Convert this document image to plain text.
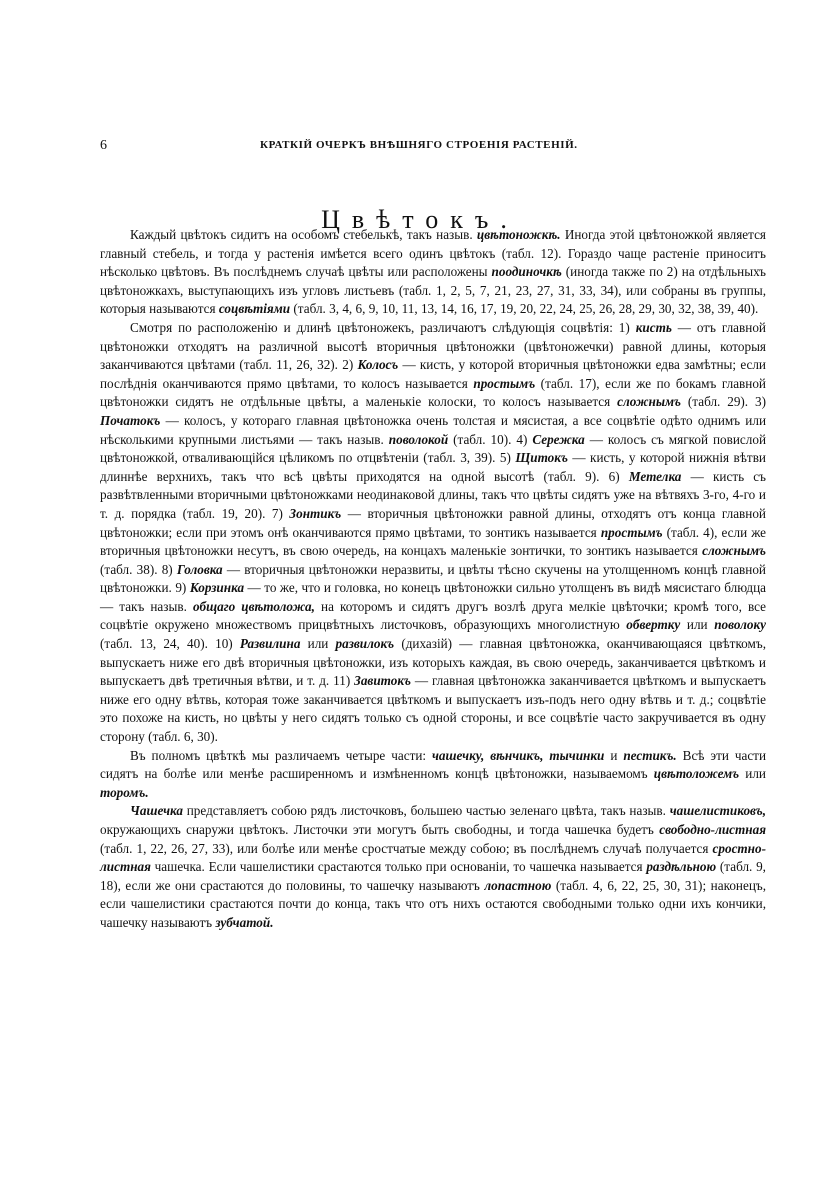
6	КРАТКІЙ ОЧЕРКЪ ВНѢШНЯГО СТРОЕНІЯ РАСТЕНІЙ.
Цвѣтокъ.

Каждый цвѣтокъ сидитъ на особомъ стебелькѣ, такъ назыв. цвѣтоножкѣ. Иногда этой цвѣтоножкой является главный стебель, и тогда у растенія имѣется всего одинъ цвѣтокъ (табл. 12). Гораздо чаще растеніе приноситъ нѣсколько цвѣтовъ. Въ послѣднемъ случаѣ цвѣты или расположены поодиночкѣ (иногда также по 2) на отдѣльныхъ цвѣтоножкахъ, выступающихъ изъ угловъ листьевъ (табл. 1, 2, 5, 7, 21, 23, 27, 31, 33, 34), или собраны въ группы, которыя называются соцвѣтіями (табл. 3, 4, 6, 9, 10, 11, 13, 14, 16, 17, 19, 20, 22, 24, 25, 26, 28, 29, 30, 32, 38, 39, 40).

Смотря по расположенію и длинѣ цвѣтоножекъ, различаютъ слѣдующія соцвѣтія: 1) кисть — отъ главной цвѣтоножки отходятъ на различной высотѣ вторичныя цвѣтоножки (цвѣтоножечки) равной длины, которыя заканчиваются цвѣтами (табл. 11, 26, 32). 2) Колосъ — кисть, у которой вторичныя цвѣтоножки едва замѣтны; если послѣднія оканчиваются прямо цвѣтами, то колосъ называется простымъ (табл. 17), если же по бокамъ главной цвѣтоножки сидятъ не отдѣльные цвѣты, а маленькіе колоски, то колосъ называется сложнымъ (табл. 29). 3) Початокъ — колосъ, у котораго главная цвѣтоножка очень толстая и мясистая, а все соцвѣтіе одѣто однимъ или нѣсколькими крупными листьями — такъ назыв. поволокой (табл. 10). 4) Сережка — колосъ съ мягкой повислой цвѣтоножкой, отваливающійся цѣликомъ по отцвѣтеніи (табл. 3, 39). 5) Щитокъ — кисть, у которой нижнія вѣтви длиннѣе верхнихъ, такъ что всѣ цвѣты приходятся на одной высотѣ (табл. 9). 6) Метелка — кисть съ развѣтвленными вторичными цвѣтоножками неодинаковой длины, такъ что цвѣты сидятъ уже на вѣтвяхъ 3-го, 4-го и т. д. порядка (табл. 19, 20). 7) Зонтикъ — вторичныя цвѣтоножки равной длины, отходятъ отъ конца главной цвѣтоножки; если при этомъ онѣ оканчиваются прямо цвѣтами, то зонтикъ называется простымъ (табл. 4), если же вторичныя цвѣтоножки несутъ, въ свою очередь, на концахъ маленькіе зонтички, то зонтикъ называется сложнымъ (табл. 38). 8) Головка — вторичныя цвѣтоножки неразвиты, и цвѣты тѣсно скучены на утолщенномъ концѣ главной цвѣтоножки. 9) Корзинка — то же, что и головка, но конецъ цвѣтоножки сильно утолщенъ въ видѣ мясистаго блюдца — такъ назыв. общаго цвѣтоложа, на которомъ и сидятъ другъ возлѣ друга мелкіе цвѣточки; кромѣ того, все соцвѣтіе окружено множествомъ прицвѣтныхъ листочковъ, образующихъ многолистную обвертку или поволоку (табл. 13, 24, 40). 10) Развилина или развилокъ (дихазій) — главная цвѣтоножка, оканчивающаяся цвѣткомъ, выпускаетъ ниже его двѣ вторичныя цвѣтоножки, изъ которыхъ каждая, въ свою очередь, заканчивается цвѣткомъ и выпускаетъ двѣ третичныя вѣтви, и т. д. 11) Завитокъ — главная цвѣтоножка заканчивается цвѣткомъ и выпускаетъ ниже его одну вѣтвь, которая тоже заканчивается цвѣткомъ и выпускаетъ изъ-подъ него одну вѣтвь и т. д.; соцвѣтіе это похоже на кисть, но цвѣты у него сидятъ только съ одной стороны, и все соцвѣтіе часто закручивается въ одну сторону (табл. 6, 30).

Въ полномъ цвѣткѣ мы различаемъ четыре части: чашечку, вѣнчикъ, тычинки и пестикъ. Всѣ эти части сидятъ на болѣе или менѣе расширенномъ и измѣненномъ концѣ цвѣтоножки, называемомъ цвѣтоложемъ или торомъ.

Чашечка представляетъ собою рядъ листочковъ, большею частью зеленаго цвѣта, такъ назыв. чашелистиковъ, окружающихъ снаружи цвѣтокъ. Листочки эти могутъ быть свободны, и тогда чашечка будетъ свободно-листная (табл. 1, 22, 26, 27, 33), или болѣе или менѣе сростчатые между собою; въ послѣднемъ случаѣ получается сростно-листная чашечка. Если чашелистики срастаются только при основаніи, то чашечка называется раздѣльною (табл. 9, 18), если же они срастаются до половины, то чашечку называютъ лопастною (табл. 4, 6, 22, 25, 30, 31); наконецъ, если чашелистики срастаются почти до конца, такъ что отъ нихъ остаются свободными только одни ихъ кончики, чашечку называютъ зубчатой.
